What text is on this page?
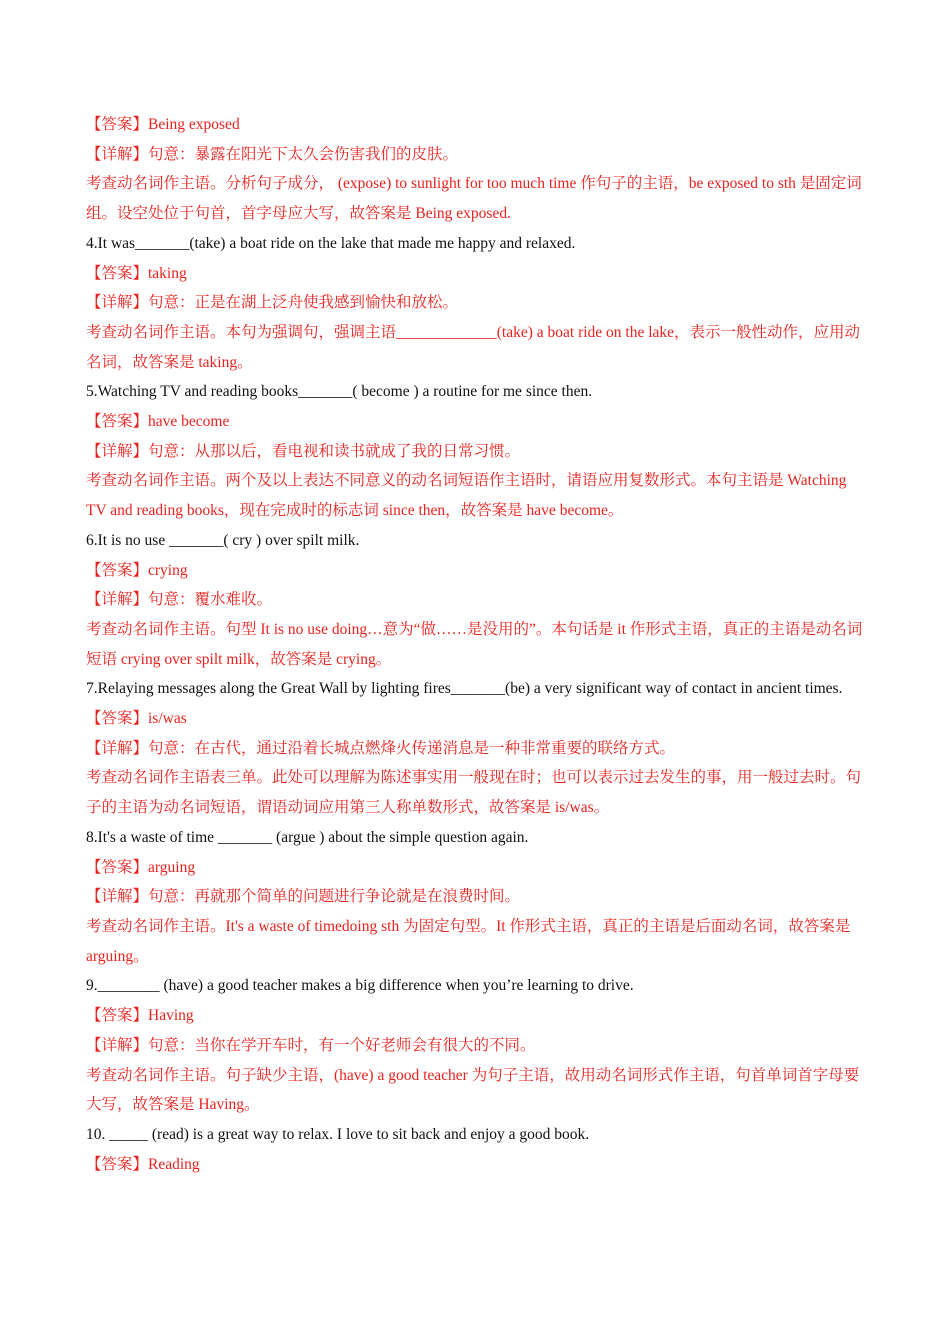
【答案】Being exposed
【详解】句意：暴露在阳光下太久会伤害我们的皮肤。
考查动名词作主语。分析句子成分， (expose) to sunlight for too much time 作句子的主语，be exposed to sth 是固定词组。设空处位于句首，首字母应大写，故答案是 Being exposed.
4.It was_______(take) a boat ride on the lake that made me happy and relaxed.
【答案】taking
【详解】句意：正是在湖上泛舟使我感到愉快和放松。
考查动名词作主语。本句为强调句，强调主语_____________(take) a boat ride on the lake，表示一般性动作，应用动名词，故答案是 taking。
5.Watching TV and reading books_______( become ) a routine for me since then.
【答案】have become
【详解】句意：从那以后，看电视和读书就成了我的日常习惯。
考查动名词作主语。两个及以上表达不同意义的动名词短语作主语时，请语应用复数形式。本句主语是 Watching TV and reading books，现在完成时的标志词 since then，故答案是 have become。
6.It is no use _______( cry ) over spilt milk.
【答案】crying
【详解】句意：覆水难收。
考查动名词作主语。句型 It is no use doing…意为“做……是没用的”。本句话是 it 作形式主语，真正的主语是动名词短语 crying over spilt milk，故答案是 crying。
7.Relaying messages along the Great Wall by lighting fires_______(be) a very significant way of contact in ancient times.
【答案】is/was
【详解】句意：在古代，通过沿着长城点燃烽火传递消息是一种非常重要的联络方式。
考查动名词作主语表三单。此处可以理解为陈述事实用一般现在时；也可以表示过去发生的事，用一般过去时。句子的主语为动名词短语，谓语动词应用第三人称单数形式，故答案是 is/was。
8.It's a waste of time _______ (argue ) about the simple question again.
【答案】arguing
【详解】句意：再就那个简单的问题进行争论就是在浪费时间。
考查动名词作主语。It's a waste of timedoing sth 为固定句型。It 作形式主语，真正的主语是后面动名词，故答案是 arguing。
9.________ (have) a good teacher makes a big difference when you’re learning to drive.
【答案】Having
【详解】句意：当你在学开车时，有一个好老师会有很大的不同。
考查动名词作主语。句子缺少主语，(have) a good teacher 为句子主语，故用动名词形式作主语，句首单词首字母要大写，故答案是 Having。
10. _____ (read) is a great way to relax. I love to sit back and enjoy a good book.
【答案】Reading
